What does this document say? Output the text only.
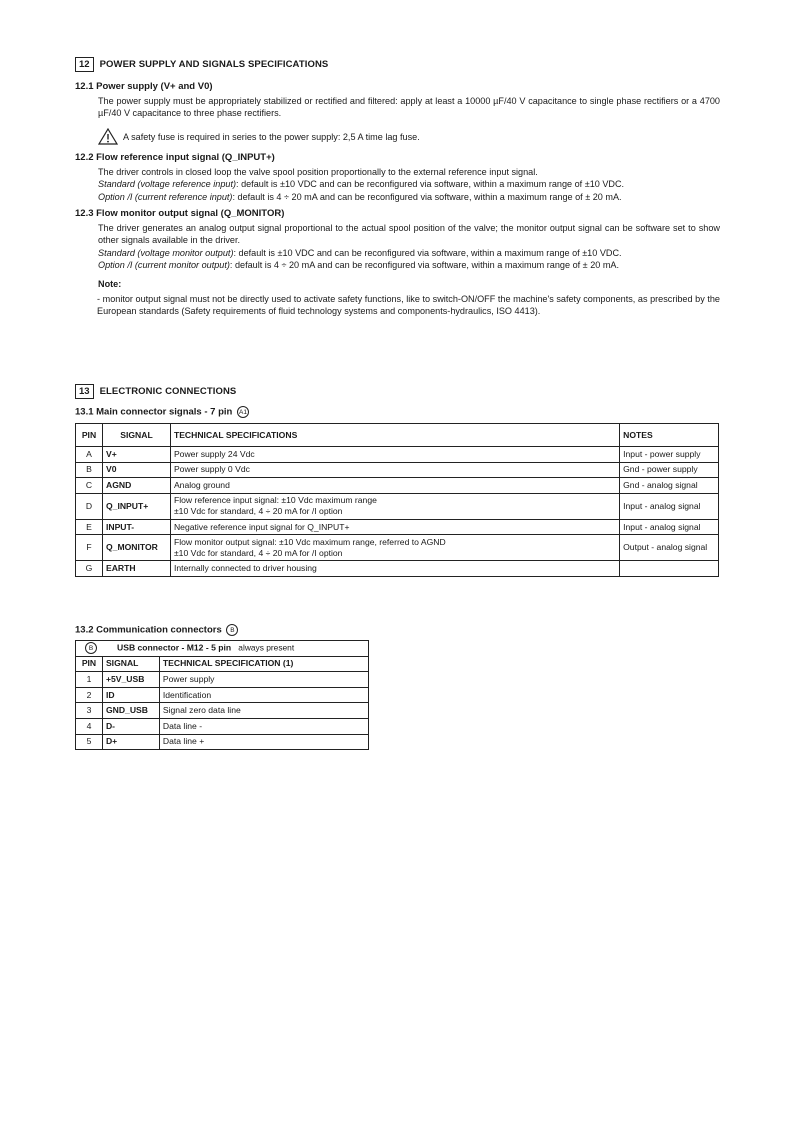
12	POWER SUPPLY AND SIGNALS SPECIFICATIONS
12.1 Power supply (V+ and V0)
The power supply must be appropriately stabilized or rectified and filtered: apply at least a 10000 µF/40 V capacitance to single phase rectifiers or a 4700 µF/40 V capacitance to three phase rectifiers.
A safety fuse is required in series to the power supply: 2,5 A time lag fuse.
12.2 Flow reference input signal (Q_INPUT+)
The driver controls in closed loop the valve spool position proportionally to the external reference input signal.
Standard (voltage reference input): default is ±10 VDC and can be reconfigured via software, within a maximum range of ±10 VDC.
Option /I (current reference input): default is 4 ÷ 20 mA and can be reconfigured via software, within a maximum range of ± 20 mA.
12.3 Flow monitor output signal (Q_MONITOR)
The driver generates an analog output signal proportional to the actual spool position of the valve; the monitor output signal can be software set to show other signals available in the driver.
Standard (voltage monitor output): default is ±10 VDC and can be reconfigured via software, within a maximum range of ±10 VDC.
Option /I (current monitor output): default is 4 ÷ 20 mA and can be reconfigured via software, within a maximum range of ± 20 mA.
Note:
- monitor output signal must not be directly used to activate safety functions, like to switch-ON/OFF the machine's safety components, as prescribed by the European standards (Safety requirements of fluid technology systems and components-hydraulics, ISO 4413).
13	ELECTRONIC CONNECTIONS
13.1 Main connector signals - 7 pin A1
PIN	SIGNAL	TECHNICAL SPECIFICATIONS	NOTES
A	V+	Power supply 24 Vdc	Input - power supply
B	V0	Power supply 0 Vdc	Gnd - power supply
C	AGND	Analog ground	Gnd - analog signal
D	Q_INPUT+	Flow reference input signal: ±10 Vdc maximum range
±10 Vdc for standard, 4 ÷ 20 mA for /I option	Input - analog signal
E	INPUT-	Negative reference input signal for Q_INPUT+	Input - analog signal
F	Q_MONITOR	Flow monitor output signal: ±10 Vdc maximum range, referred to AGND
±10 Vdc for standard, 4 ÷ 20 mA for /I option	Output - analog signal
G	EARTH	Internally connected to driver housing	
13.2 Communication connectors B
B USB connector - M12 - 5 pin always present		
PIN	SIGNAL	TECHNICAL SPECIFICATION (1)
1	+5V_USB	Power supply
2	ID	Identification
3	GND_USB	Signal zero data line
4	D-	Data line -
5	D+	Data line +
